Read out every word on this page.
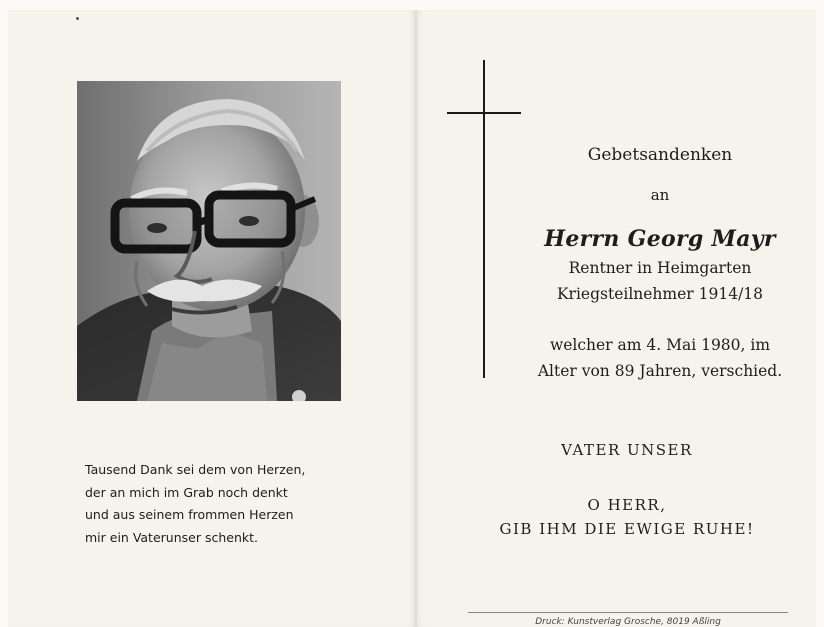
Tausend Dank sei dem von Herzen,
der an mich im Grab noch denkt
und aus seinem frommen Herzen
mir ein Vaterunser schenkt.
Gebetsandenken
an
Herrn Georg Mayr
Rentner in Heimgarten
Kriegsteilnehmer 1914/18
welcher am 4. Mai 1980, im
Alter von 89 Jahren, verschied.
VATER UNSER
O HERR,
GIB IHM DIE EWIGE RUHE!
Druck: Kunstverlag Grosche, 8019 Aßling
